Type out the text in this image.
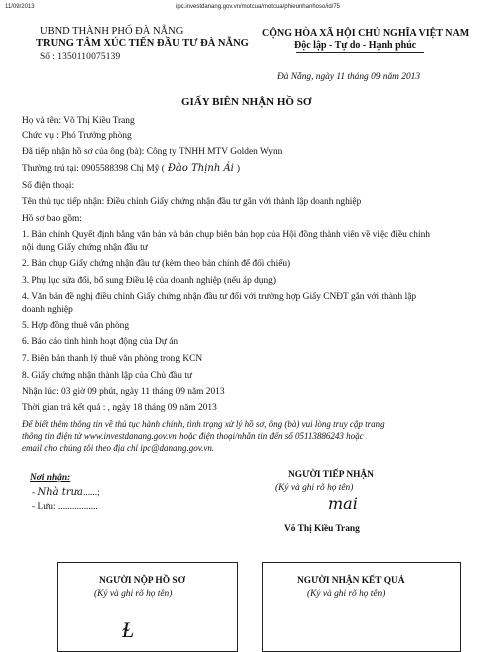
11/09/2013	ipc.investdanang.gov.vn/motcua/motcua/phieunhanhoso/id/75
UBND THÀNH PHỐ ĐÀ NẴNG
TRUNG TÂM XÚC TIẾN ĐẦU TƯ ĐÀ NẴNG
Số : 1350110075139
CỘNG HÒA XÃ HỘI CHỦ NGHĨA VIỆT NAM
Độc lập - Tự do - Hạnh phúc
Đà Nẵng, ngày 11 tháng 09 năm 2013
GIẤY BIÊN NHẬN HỒ SƠ
Họ và tên: Võ Thị Kiều Trang
Chức vụ : Phó Trưởng phòng
Đã tiếp nhận hồ sơ của ông (bà): Công ty TNHH MTV Golden Wynn
Thường trú tại: 0905588398 Chị Mỹ ( Đào Thịnh Ái )
Số điện thoại:
Tên thủ tục tiếp nhận: Điều chỉnh Giấy chứng nhận đầu tư gắn với thành lập doanh nghiệp
Hồ sơ bao gồm:
1. Bản chính Quyết định bằng văn bản và bản chụp biên bản họp của Hội đồng thành viên về việc điều chỉnh
nội dung Giấy chứng nhận đầu tư
2. Bản chụp Giấy chứng nhận đầu tư (kèm theo bản chính để đối chiếu)
3. Phụ lục sửa đổi, bổ sung Điều lệ của doanh nghiệp (nếu áp dụng)
4. Văn bản đề nghị điều chỉnh Giấy chứng nhận đầu tư đối với trường hợp Giấy CNĐT gắn với thành lập
doanh nghiệp
5. Hợp đồng thuê văn phòng
6. Báo cáo tình hình hoạt động của Dự án
7. Biên bản thanh lý thuê văn phòng trong KCN
8. Giấy chứng nhận thành lập của Chủ đầu tư
Nhận lúc: 03 giờ 09 phút, ngày 11 tháng 09 năm 2013
Thời gian trả kết quả : , ngày 18 tháng 09 năm 2013
Để biết thêm thông tin về thủ tục hành chính, tình trạng xử lý hồ sơ, ông (bà) vui lòng truy cập trang
thông tin điện tử www.investdanang.gov.vn hoặc điện thoại/nhắn tin đến số 05113886243 hoặc
email cho chúng tôi theo địa chỉ ipc@danang.gov.vn.
Nơi nhận:
- Nhà trưa......;
- Lưu: .................
NGƯỜI TIẾP NHẬN
(Ký và ghi rõ họ tên)
mai
Võ Thị Kiều Trang
NGƯỜI NỘP HỒ SƠ
(Ký và ghi rõ họ tên)
Ɫ
NGƯỜI NHẬN KẾT QUẢ
(Ký và ghi rõ họ tên)
